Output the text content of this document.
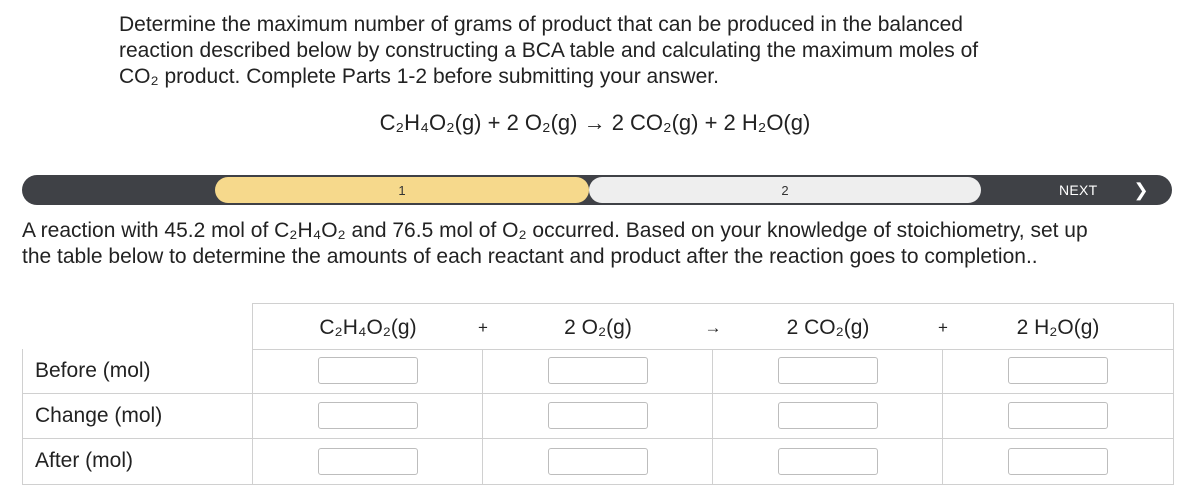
Determine the maximum number of grams of product that can be produced in the balanced
reaction described below by constructing a BCA table and calculating the maximum moles of
CO₂ product. Complete Parts 1-2 before submitting your answer.
C₂H₄O₂(g) + 2 O₂(g) → 2 CO₂(g) + 2 H₂O(g)
1	2	NEXT ❯
A reaction with 45.2 mol of C₂H₄O₂ and 76.5 mol of O₂ occurred. Based on your knowledge of stoichiometry, set up
the table below to determine the amounts of each reactant and product after the reaction goes to completion..
C₂H₄O₂(g)	+	2 O₂(g)	→	2 CO₂(g)	+	2 H₂O(g)
Before (mol)
Change (mol)
After (mol)
